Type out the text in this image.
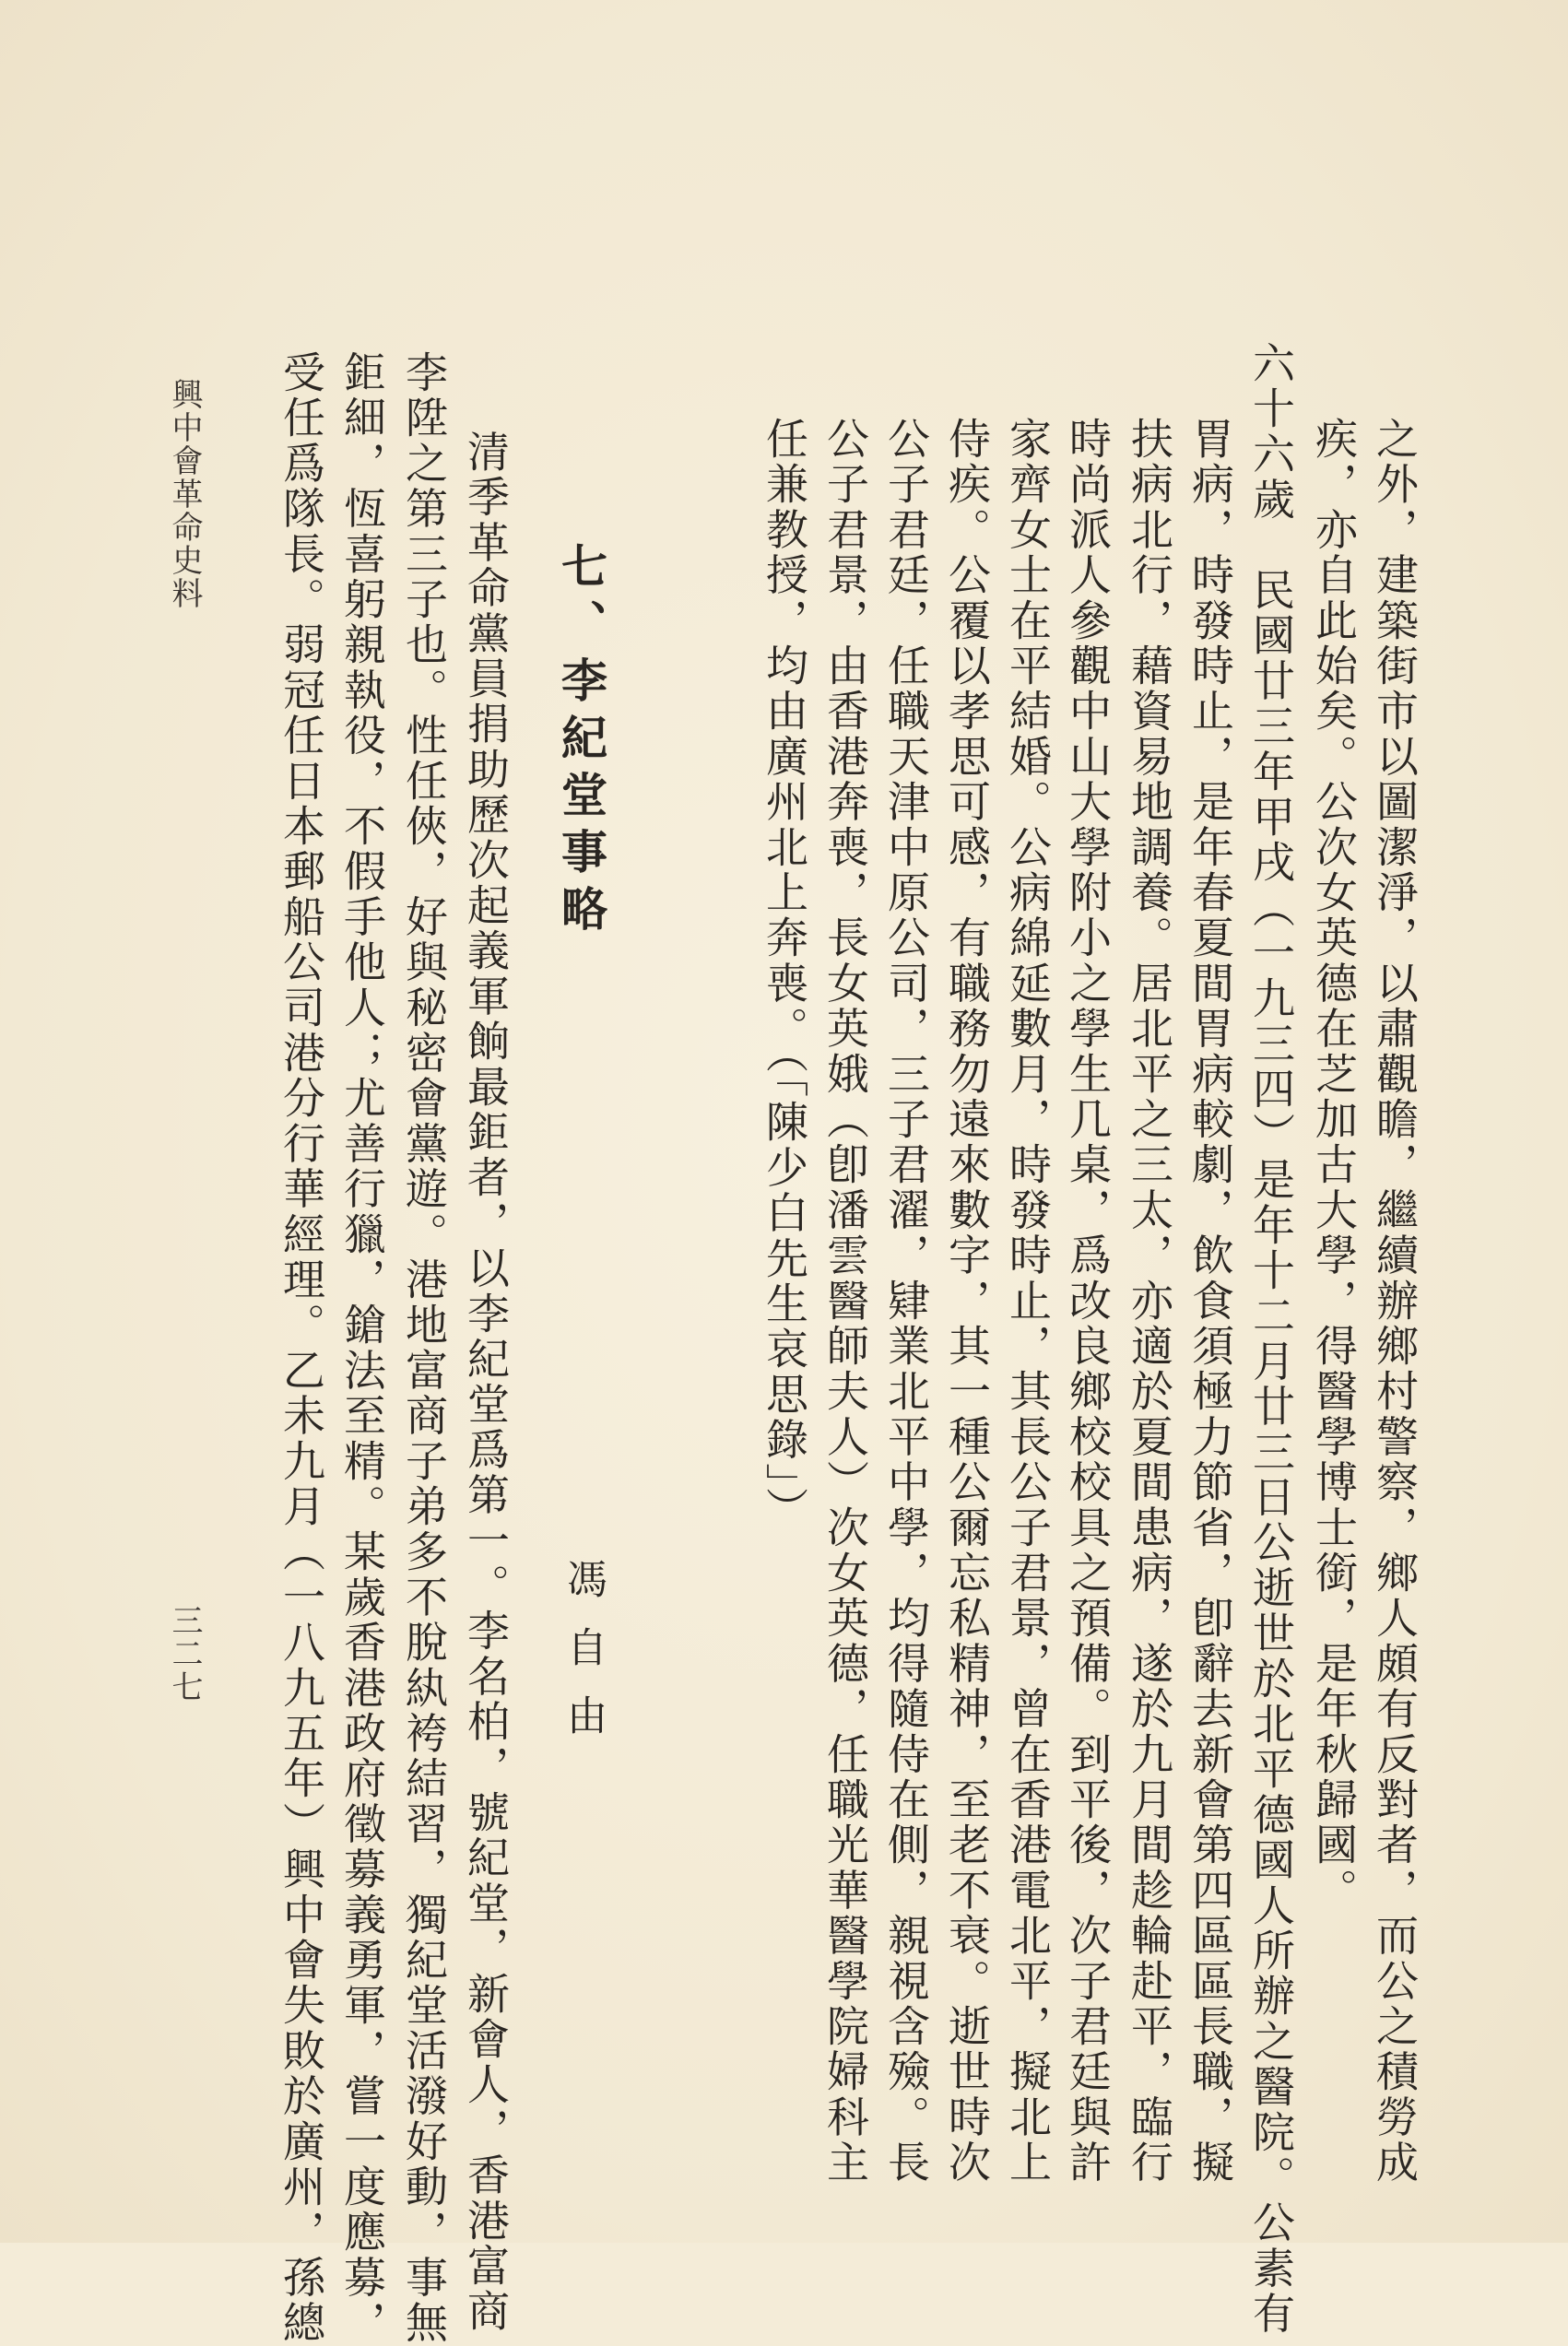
之外，建築街市以圖潔淨，以肅觀瞻，繼續辦鄉村警察，鄉人頗有反對者，而公之積勞成
疾，亦自此始矣。公次女英德在芝加古大學，得醫學博士銜，是年秋歸國。
六十六歲　民國廿三年甲戌（一九三四）是年十二月廿三日公逝世於北平德國人所辦之醫院。公素有
胃病，時發時止，是年春夏間胃病較劇，飲食須極力節省，卽辭去新會第四區區長職，擬
扶病北行，藉資易地調養。居北平之三太，亦適於夏間患病，遂於九月間趁輪赴平，臨行
時尚派人參觀中山大學附小之學生几桌，爲改良鄉校校具之預備。到平後，次子君廷與許
家齊女士在平結婚。公病綿延數月，時發時止，其長公子君景，曾在香港電北平，擬北上
侍疾。公覆以孝思可感，有職務勿遠來數字，其一種公爾忘私精神，至老不衰。逝世時次
公子君廷，任職天津中原公司，三子君濯，肄業北平中學，均得隨侍在側，親視含殮。長
公子君景，由香港奔喪，長女英娥（卽潘雲醫師夫人）次女英德，任職光華醫學院婦科主
任兼教授，均由廣州北上奔喪。（「陳少白先生哀思錄」）
七、李紀堂事略
馮自由
清季革命黨員捐助歷次起義軍餉最鉅者，以李紀堂爲第一。李名柏，號紀堂，新會人，香港富商
李陞之第三子也。性任俠，好與秘密會黨遊。港地富商子弟多不脫紈袴結習，獨紀堂活潑好動，事無
鉅細，恆喜躬親執役，不假手他人；尤善行獵，鎗法至精。某歲香港政府徵募義勇軍，嘗一度應募，
受任爲隊長。弱冠任日本郵船公司港分行華經理。乙未九月（一八九五年）興中會失敗於廣州，孫總
興中會革命史料
三二七
